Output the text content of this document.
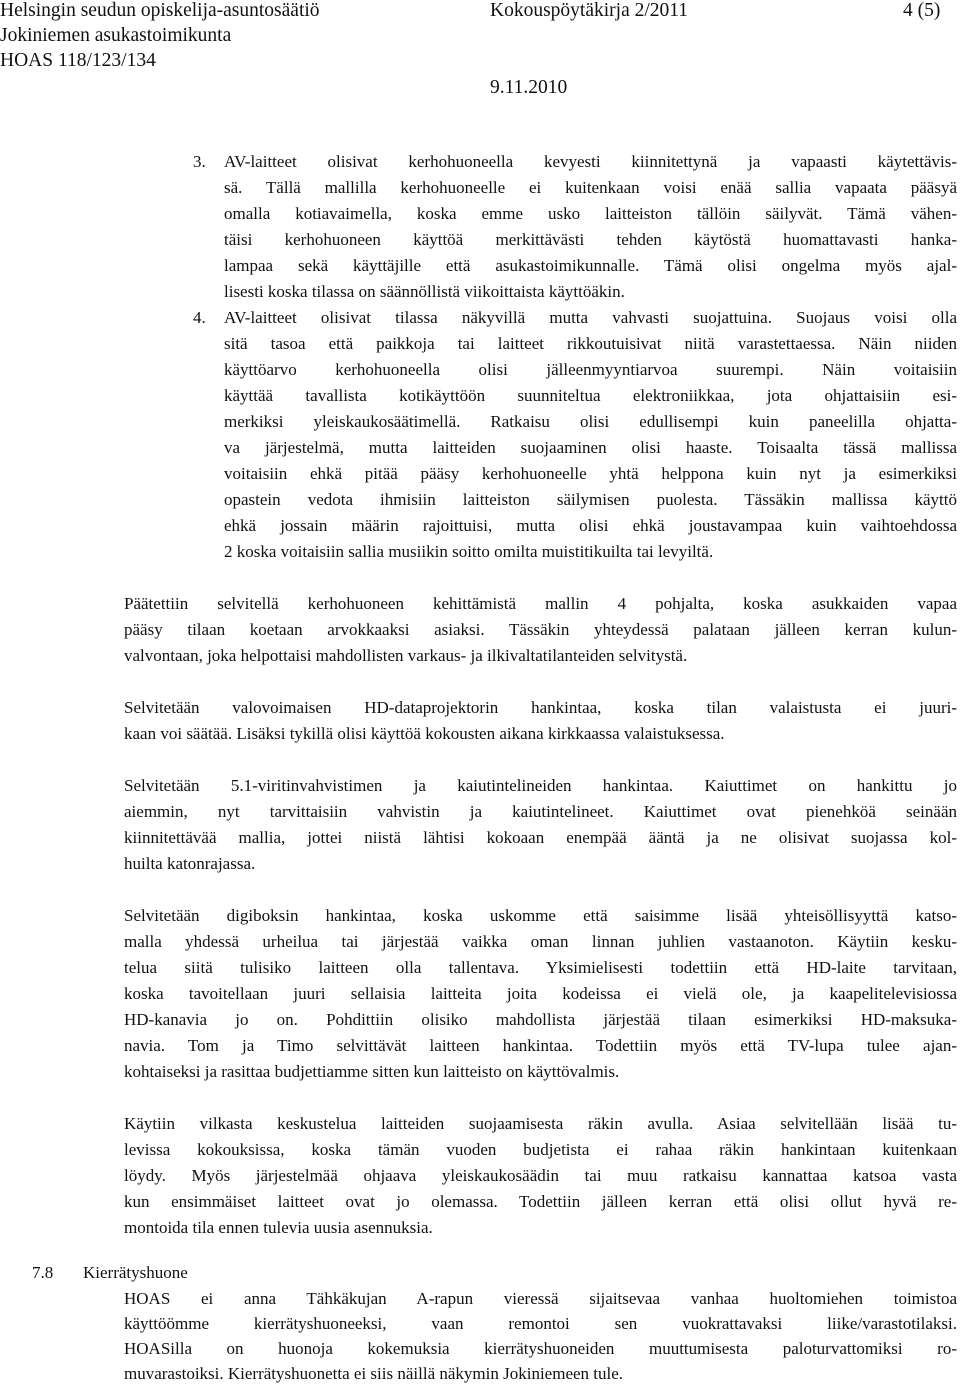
Helsingin seudun opiskelija-asuntosäätiö
Jokiniemen asukastoimikunta
HOAS 118/123/134
Kokouspöytäkirja 2/2011
9.11.2010
4 (5)
3. AV-laitteet olisivat kerhohuoneella kevyesti kiinnitettynä ja vapaasti käytettävis-
sä. Tällä mallilla kerhohuoneelle ei kuitenkaan voisi enää sallia vapaata pääsyä
omalla kotiavaimella, koska emme usko laitteiston tällöin säilyvät. Tämä vähen-
täisi kerhohuoneen käyttöä merkittävästi tehden käytöstä huomattavasti hanka-
lampaa sekä käyttäjille että asukastoimikunnalle. Tämä olisi ongelma myös ajal-
lisesti koska tilassa on säännöllistä viikoittaista käyttöäkin.
4. AV-laitteet olisivat tilassa näkyvillä mutta vahvasti suojattuina. Suojaus voisi olla
sitä tasoa että paikkoja tai laitteet rikkoutuisivat niitä varastettaessa. Näin niiden
käyttöarvo kerhohuoneella olisi jälleenmyyntiarvoa suurempi. Näin voitaisiin
käyttää tavallista kotikäyttöön suunniteltua elektroniikkaa, jota ohjattaisiin esi-
merkiksi yleiskaukosäätimellä. Ratkaisu olisi edullisempi kuin paneelilla ohjatta-
va järjestelmä, mutta laitteiden suojaaminen olisi haaste. Toisaalta tässä mallissa
voitaisiin ehkä pitää pääsy kerhohuoneelle yhtä helppona kuin nyt ja esimerkiksi
opastein vedota ihmisiin laitteiston säilymisen puolesta. Tässäkin mallissa käyttö
ehkä jossain määrin rajoittuisi, mutta olisi ehkä joustavampaa kuin vaihtoehdossa
2 koska voitaisiin sallia musiikin soitto omilta muistitikuilta tai levyiltä.
Päätettiin selvitellä kerhohuoneen kehittämistä mallin 4 pohjalta, koska asukkaiden vapaa
pääsy tilaan koetaan arvokkaaksi asiaksi. Tässäkin yhteydessä palataan jälleen kerran kulun-
valvontaan, joka helpottaisi mahdollisten varkaus- ja ilkivaltatilanteiden selvitystä.
Selvitetään valovoimaisen HD-dataprojektorin hankintaa, koska tilan valaistusta ei juuri-
kaan voi säätää. Lisäksi tykillä olisi käyttöä kokousten aikana kirkkaassa valaistuksessa.
Selvitetään 5.1-viritinvahvistimen ja kaiutintelineiden hankintaa. Kaiuttimet on hankittu jo
aiemmin, nyt tarvittaisiin vahvistin ja kaiutintelineet. Kaiuttimet ovat pienehköä seinään
kiinnitettävää mallia, jottei niistä lähtisi kokoaan enempää ääntä ja ne olisivat suojassa kol-
huilta katonrajassa.
Selvitetään digiboksin hankintaa, koska uskomme että saisimme lisää yhteisöllisyyttä katso-
malla yhdessä urheilua tai järjestää vaikka oman linnan juhlien vastaanoton. Käytiin kesku-
telua siitä tulisiko laitteen olla tallentava. Yksimielisesti todettiin että HD-laite tarvitaan,
koska tavoitellaan juuri sellaisia laitteita joita kodeissa ei vielä ole, ja kaapelitelevisiossa
HD-kanavia jo on. Pohdittiin olisiko mahdollista järjestää tilaan esimerkiksi HD-maksuka-
navia. Tom ja Timo selvittävät laitteen hankintaa. Todettiin myös että TV-lupa tulee ajan-
kohtaiseksi ja rasittaa budjettiamme sitten kun laitteisto on käyttövalmis.
Käytiin vilkasta keskustelua laitteiden suojaamisesta räkin avulla. Asiaa selvitellään lisää tu-
levissa kokouksissa, koska tämän vuoden budjetista ei rahaa räkin hankintaan kuitenkaan
löydy. Myös järjestelmää ohjaava yleiskaukosäädin tai muu ratkaisu kannattaa katsoa vasta
kun ensimmäiset laitteet ovat jo olemassa. Todettiin jälleen kerran että olisi ollut hyvä re-
montoida tila ennen tulevia uusia asennuksia.
7.8 Kierrätyshuone
HOAS ei anna Tähkäkujan A-rapun vieressä sijaitsevaa vanhaa huoltomiehen toimistoa
käyttöömme kierrätyshuoneeksi, vaan remontoi sen vuokrattavaksi liike/varastotilaksi.
HOASilla on huonoja kokemuksia kierrätyshuoneiden muuttumisesta paloturvattomiksi ro-
muvarastoiksi. Kierrätyshuonetta ei siis näillä näkymin Jokiniemeen tule.
